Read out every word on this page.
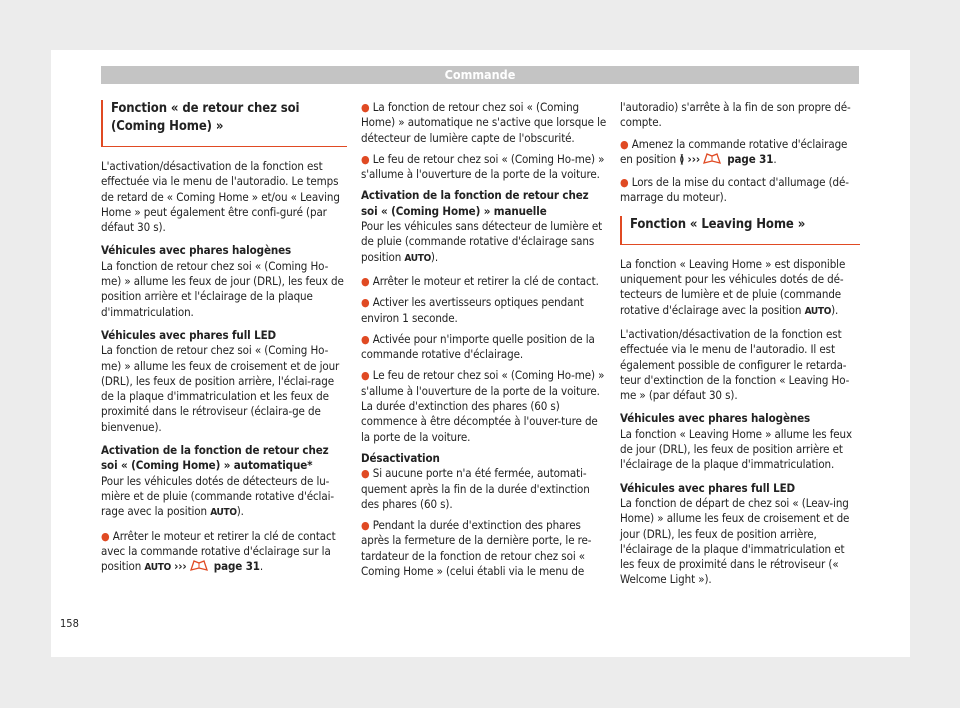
Commande
Fonction « de retour chez soi (Coming Home) »

L'activation/désactivation de la fonction est effectuée via le menu de l'autoradio. Le temps de retard de « Coming Home » et/ou « Leaving Home » peut également être confi-guré (par défaut 30 s).

Véhicules avec phares halogènes

La fonction de retour chez soi « (Coming Ho-me) » allume les feux de jour (DRL), les feux de position arrière et l'éclairage de la plaque d'immatriculation.

Véhicules avec phares full LED

La fonction de retour chez soi « (Coming Ho-me) » allume les feux de croisement et de jour (DRL), les feux de position arrière, l'éclai-rage de la plaque d'immatriculation et les feux de proximité dans le rétroviseur (éclaira-ge de bienvenue).

Activation de la fonction de retour chez soi « (Coming Home) » automatique*

Pour les véhicules dotés de détecteurs de lu-mière et de pluie (commande rotative d'éclai-rage avec la position AUTO).

● Arrêter le moteur et retirer la clé de contact avec la commande rotative d'éclairage sur la position AUTO ››› page 31.

● La fonction de retour chez soi « (Coming Home) » automatique ne s'active que lorsque le détecteur de lumière capte de l'obscurité.

● Le feu de retour chez soi « (Coming Ho-me) » s'allume à l'ouverture de la porte de la voiture.

Activation de la fonction de retour chez soi « (Coming Home) » manuelle

Pour les véhicules sans détecteur de lumière et de pluie (commande rotative d'éclairage sans position AUTO).

● Arrêter le moteur et retirer la clé de contact.

● Activer les avertisseurs optiques pendant environ 1 seconde.

● Activée pour n'importe quelle position de la commande rotative d'éclairage.

● Le feu de retour chez soi « (Coming Ho-me) » s'allume à l'ouverture de la porte de la voiture. La durée d'extinction des phares (60 s) commence à être décomptée à l'ouver-ture de la porte de la voiture.

Désactivation

● Si aucune porte n'a été fermée, automati-quement après la fin de la durée d'extinction des phares (60 s).

● Pendant la durée d'extinction des phares après la fermeture de la dernière porte, le re-tardateur de la fonction de retour chez soi « Coming Home » (celui établi via le menu de

l'autoradio) s'arrête à la fin de son propre dé-compte.

● Amenez la commande rotative d'éclairage en position ≬ ››› page 31.

● Lors de la mise du contact d'allumage (dé-marrage du moteur).

Fonction « Leaving Home »

La fonction « Leaving Home » est disponible uniquement pour les véhicules dotés de dé-tecteurs de lumière et de pluie (commande rotative d'éclairage avec la position AUTO).

L'activation/désactivation de la fonction est effectuée via le menu de l'autoradio. Il est également possible de configurer le retarda-teur d'extinction de la fonction « Leaving Ho-me » (par défaut 30 s).

Véhicules avec phares halogènes

La fonction « Leaving Home » allume les feux de jour (DRL), les feux de position arrière et l'éclairage de la plaque d'immatriculation.

Véhicules avec phares full LED

La fonction de départ de chez soi « (Leav-ing Home) » allume les feux de croisement et de jour (DRL), les feux de position arrière, l'éclairage de la plaque d'immatriculation et les feux de proximité dans le rétroviseur (« Welcome Light »).

158
